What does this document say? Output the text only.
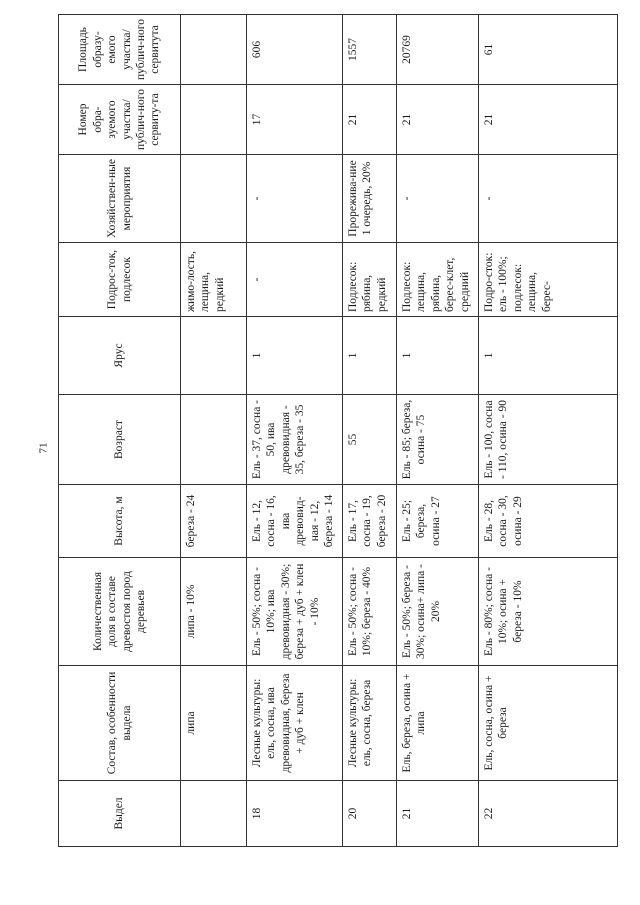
71
Выдел	Состав, особенности выдела	Количественная доля в составе древостоя пород деревьев	Высота, м	Возраст	Ярус	Подрос-ток, подлесок	Хозяйствен-ные мероприятия	Номер обра-зуемого участка/ публич-ного сервиту-та	Площадь образу-емого участка/ публич-ного сервитута
	липа	липа - 10%	береза - 24			жимо-лость, лещина, редкий			
18	Лесные культуры: ель, сосна, ива древовидная, береза + дуб + клен	Ель - 50%; сосна - 10%; ива древовидная - 30%; береза + дуб + клен - 10%	Ель - 12, сосна - 16, ива древовид-ная - 12, береза - 14	Ель - 37, сосна - 50, ива древовидная - 35, береза - 35	1	-	-	17	606
20	Лесные культуры: ель, сосна, береза	Ель - 50%; сосна - 10%; береза - 40%	Ель - 17, сосна - 19, береза - 20	55	1	Подлесок: рябина, редкий	Прорежива-ние 1 очередь, 20%	21	1557
21	Ель, береза, осина + липа	Ель - 50%; береза - 30%; осина+ липа - 20%	Ель - 25; береза, осина - 27	Ель - 85; береза, осина - 75	1	Подлесок: лещина, рябина, берес-клет, средний	-	21	20769
22	Ель, сосна, осина + береза	Ель - 80%; сосна - 10%; осина + береза - 10%	Ель - 28, сосна - 30, осина - 29	Ель - 100, сосна - 110, осина - 90	1	Подро-сток: ель - 100%; подлесок: лещина, берес-	-	21	61
